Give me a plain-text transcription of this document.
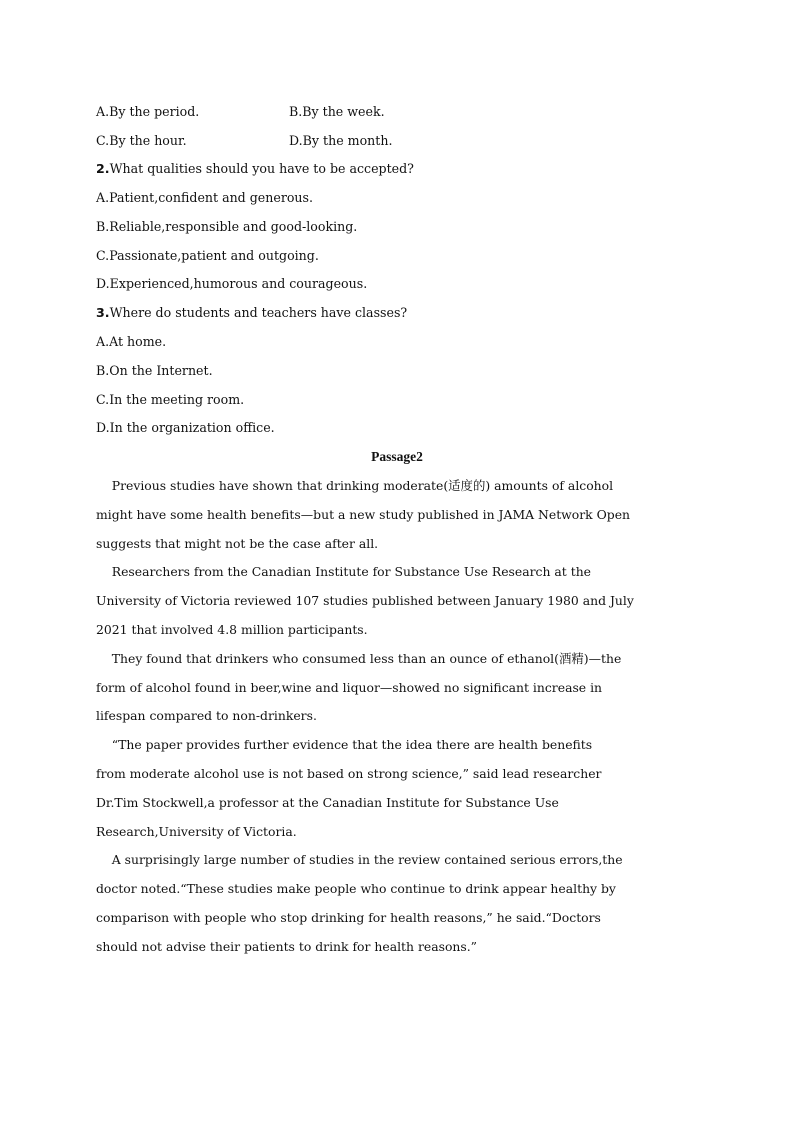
A.By the period.	B.By the week.
C.By the hour.	D.By the month.
2.What qualities should you have to be accepted?
A.Patient,confident and generous.
B.Reliable,responsible and good-looking.
C.Passionate,patient and outgoing.
D.Experienced,humorous and courageous.
3.Where do students and teachers have classes?
A.At home.
B.On the Internet.
C.In the meeting room.
D.In the organization office.
Passage2
Previous studies have shown that drinking moderate(适度的) amounts of alcohol
might have some health benefits—but a new study published in JAMA Network Open
suggests that might not be the case after all.
Researchers from the Canadian Institute for Substance Use Research at the
University of Victoria reviewed 107 studies published between January 1980 and July
2021 that involved 4.8 million participants.
They found that drinkers who consumed less than an ounce of ethanol(酒精)—the
form of alcohol found in beer,wine and liquor—showed no significant increase in
lifespan compared to non-drinkers.
“The paper provides further evidence that the idea there are health benefits
from moderate alcohol use is not based on strong science,” said lead researcher
Dr.Tim Stockwell,a professor at the Canadian Institute for Substance Use
Research,University of Victoria.
A surprisingly large number of studies in the review contained serious errors,the
doctor noted.“These studies make people who continue to drink appear healthy by
comparison with people who stop drinking for health reasons,” he said.“Doctors
should not advise their patients to drink for health reasons.”
